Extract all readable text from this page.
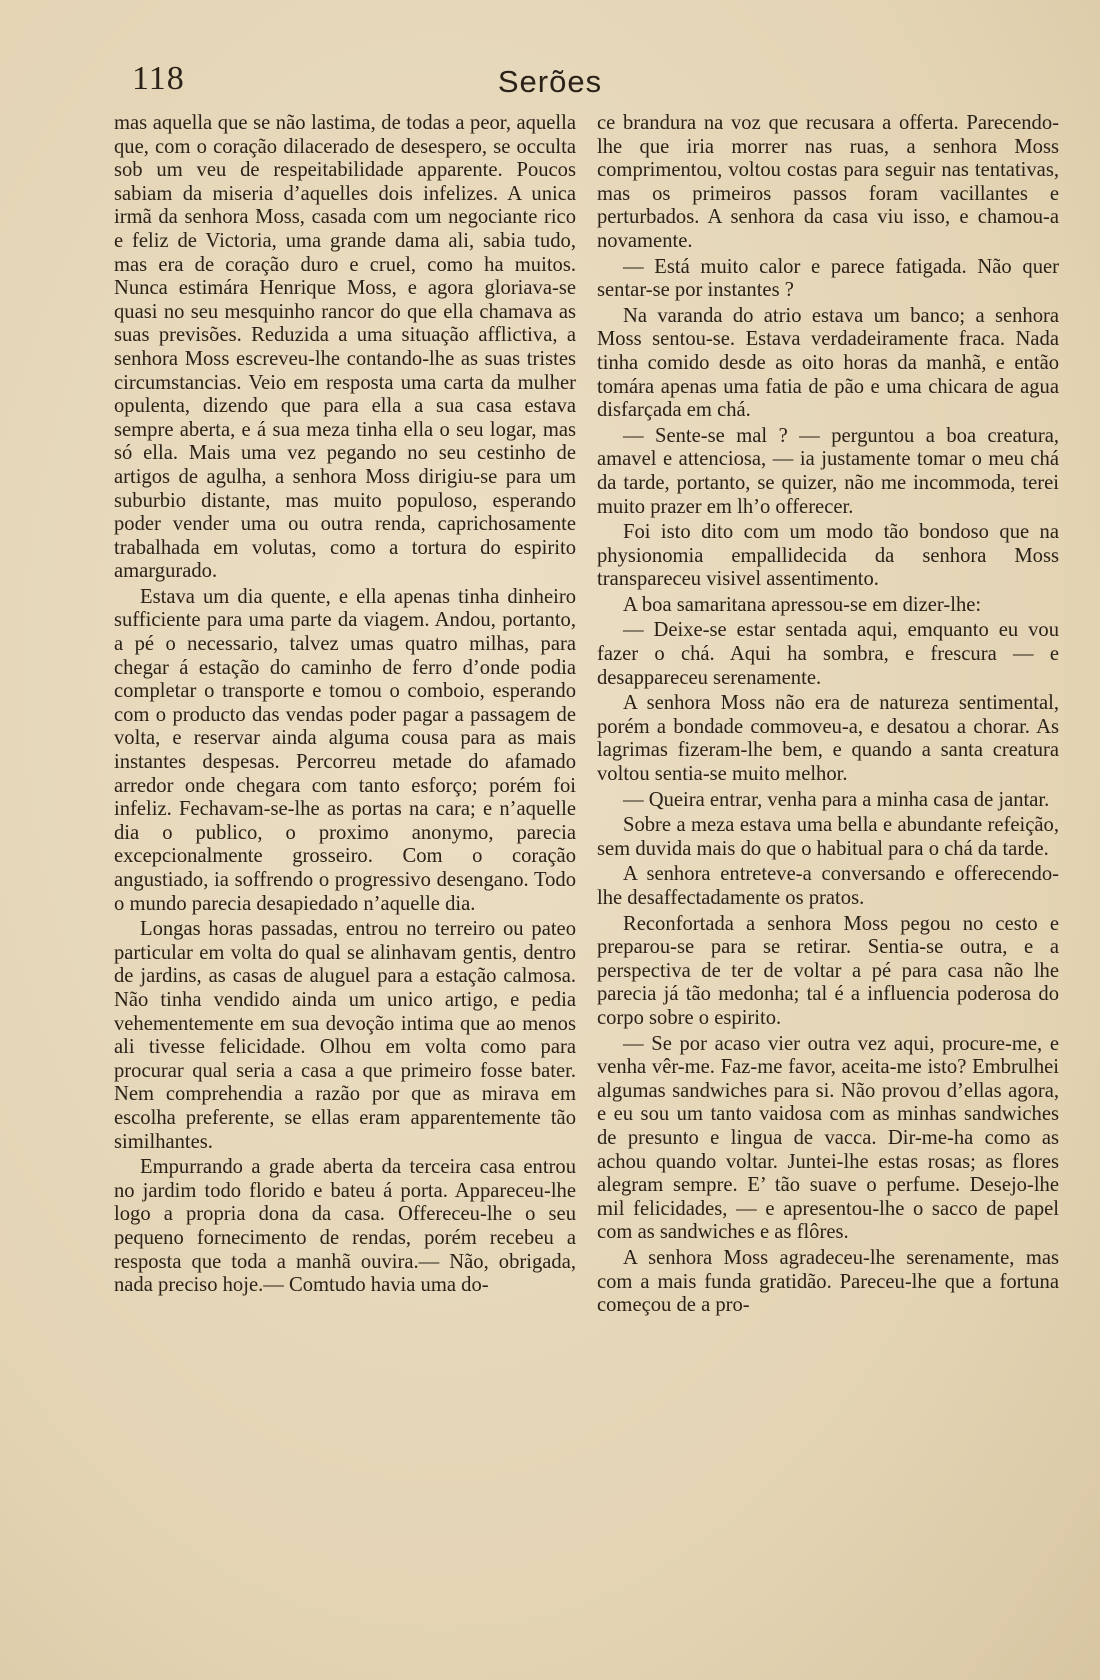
118	Serões

mas aquella que se não lastima, de todas a peor, aquella que, com o coração dilacerado de desespero, se occulta sob um veu de respeitabilidade apparente. Poucos sabiam da miseria d’aquelles dois infelizes. A unica irmã da senhora Moss, casada com um negociante rico e feliz de Victoria, uma grande dama ali, sabia tudo, mas era de coração duro e cruel, como ha muitos. Nunca estimára Henrique Moss, e agora gloriava-se quasi no seu mesquinho rancor do que ella chamava as suas previsões. Reduzida a uma situação afflictiva, a senhora Moss escreveu-lhe contando-lhe as suas tristes circumstancias. Veio em resposta uma carta da mulher opulenta, dizendo que para ella a sua casa estava sempre aberta, e á sua meza tinha ella o seu logar, mas só ella. Mais uma vez pegando no seu cestinho de artigos de agulha, a senhora Moss dirigiu-se para um suburbio distante, mas muito populoso, esperando poder vender uma ou outra renda, caprichosamente trabalhada em volutas, como a tortura do espirito amargurado.

Estava um dia quente, e ella apenas tinha dinheiro sufficiente para uma parte da viagem. Andou, portanto, a pé o necessario, talvez umas quatro milhas, para chegar á estação do caminho de ferro d’onde podia completar o transporte e tomou o comboio, esperando com o producto das vendas poder pagar a passagem de volta, e reservar ainda alguma cousa para as mais instantes despesas. Percorreu metade do afamado arredor onde chegara com tanto esforço; porém foi infeliz. Fechavam-se-lhe as portas na cara; e n’aquelle dia o publico, o proximo anonymo, parecia excepcionalmente grosseiro. Com o coração angustiado, ia soffrendo o progressivo desengano. Todo o mundo parecia desapiedado n’aquelle dia.

Longas horas passadas, entrou no terreiro ou pateo particular em volta do qual se alinhavam gentis, dentro de jardins, as casas de aluguel para a estação calmosa. Não tinha vendido ainda um unico artigo, e pedia vehementemente em sua devoção intima que ao menos ali tivesse felicidade. Olhou em volta como para procurar qual seria a casa a que primeiro fosse bater. Nem comprehendia a razão por que as mirava em escolha preferente, se ellas eram apparentemente tão similhantes.

Empurrando a grade aberta da terceira casa entrou no jardim todo florido e bateu á porta. Appareceu-lhe logo a propria dona da casa. Offereceu-lhe o seu pequeno fornecimento de rendas, porém recebeu a resposta que toda a manhã ouvira.— Não, obrigada, nada preciso hoje.— Comtudo havia uma do-

ce brandura na voz que recusara a offerta. Parecendo-lhe que iria morrer nas ruas, a senhora Moss comprimentou, voltou costas para seguir nas tentativas, mas os primeiros passos foram vacillantes e perturbados. A senhora da casa viu isso, e chamou-a novamente.

— Está muito calor e parece fatigada. Não quer sentar-se por instantes ?

Na varanda do atrio estava um banco; a senhora Moss sentou-se. Estava verdadeiramente fraca. Nada tinha comido desde as oito horas da manhã, e então tomára apenas uma fatia de pão e uma chicara de agua disfarçada em chá.

— Sente-se mal ? — perguntou a boa creatura, amavel e attenciosa, — ia justamente tomar o meu chá da tarde, portanto, se quizer, não me incommoda, terei muito prazer em lh’o offerecer.

Foi isto dito com um modo tão bondoso que na physionomia empallidecida da senhora Moss transpareceu visivel assentimento.

A boa samaritana apressou-se em dizer-lhe:

— Deixe-se estar sentada aqui, emquanto eu vou fazer o chá. Aqui ha sombra, e frescura — e desappareceu serenamente.

A senhora Moss não era de natureza sentimental, porém a bondade commoveu-a, e desatou a chorar. As lagrimas fizeram-lhe bem, e quando a santa creatura voltou sentia-se muito melhor.

— Queira entrar, venha para a minha casa de jantar.

Sobre a meza estava uma bella e abundante refeição, sem duvida mais do que o habitual para o chá da tarde.

A senhora entreteve-a conversando e offerecendo-lhe desaffectadamente os pratos.

Reconfortada a senhora Moss pegou no cesto e preparou-se para se retirar. Sentia-se outra, e a perspectiva de ter de voltar a pé para casa não lhe parecia já tão medonha; tal é a influencia poderosa do corpo sobre o espirito.

— Se por acaso vier outra vez aqui, procure-me, e venha vêr-me. Faz-me favor, aceita-me isto? Embrulhei algumas sandwiches para si. Não provou d’ellas agora, e eu sou um tanto vaidosa com as minhas sandwiches de presunto e lingua de vacca. Dir-me-ha como as achou quando voltar. Juntei-lhe estas rosas; as flores alegram sempre. E’ tão suave o perfume. Desejo-lhe mil felicidades, — e apresentou-lhe o sacco de papel com as sandwiches e as flôres.

A senhora Moss agradeceu-lhe serenamente, mas com a mais funda gratidão. Pareceu-lhe que a fortuna começou de a pro-
